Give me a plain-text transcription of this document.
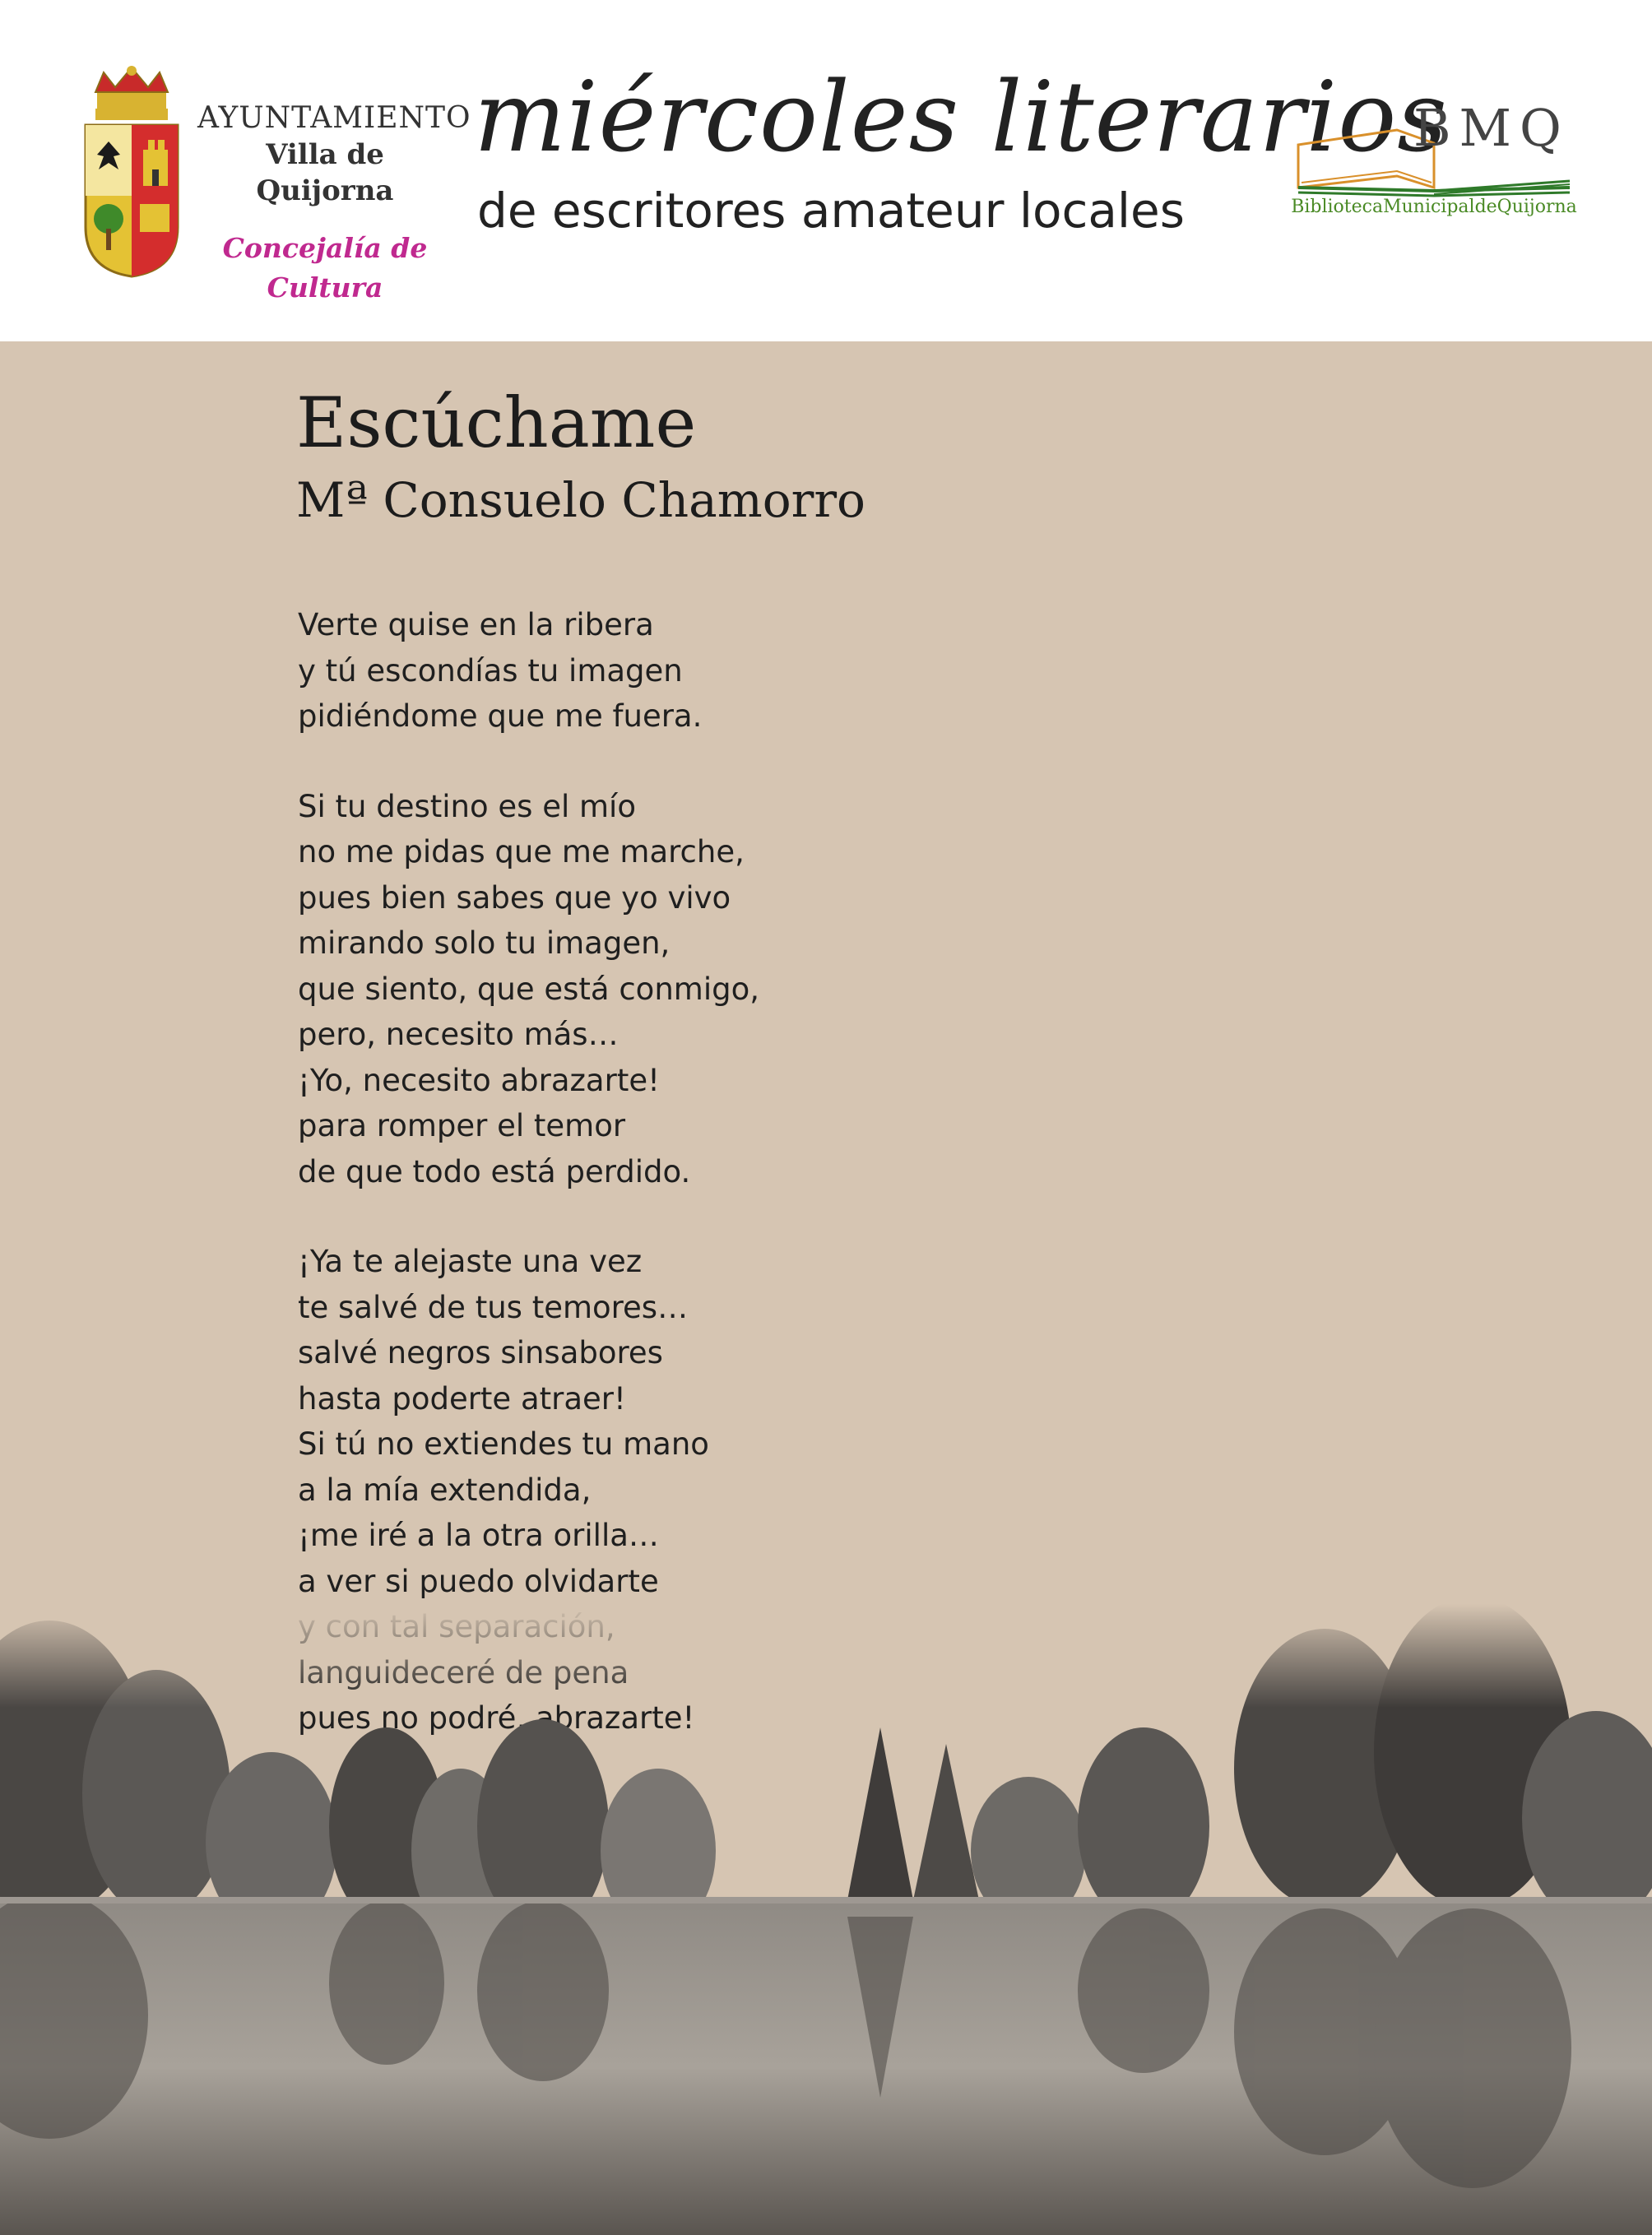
AYUNTAMIENTO
Villa de Quijorna
Concejalía de
Cultura
miércoles literarios
de escritores amateur locales
BMQ
BibliotecaMunicipaldeQuijorna
Escúchame
Mª Consuelo Chamorro
Verte quise en la ribera
y tú escondías tu imagen
pidiéndome que me fuera.
Si tu destino es el mío
no me pidas que me marche,
pues bien sabes que yo vivo
mirando solo tu imagen,
que siento, que está conmigo,
pero, necesito más…
¡Yo, necesito abrazarte!
para romper el temor
de que todo está perdido.
¡Ya te alejaste una vez
te salvé de tus temores…
salvé negros sinsabores
hasta poderte atraer!
Si tú no extiendes tu mano
a la mía extendida,
¡me iré a la otra orilla…
a ver si puedo olvidarte
